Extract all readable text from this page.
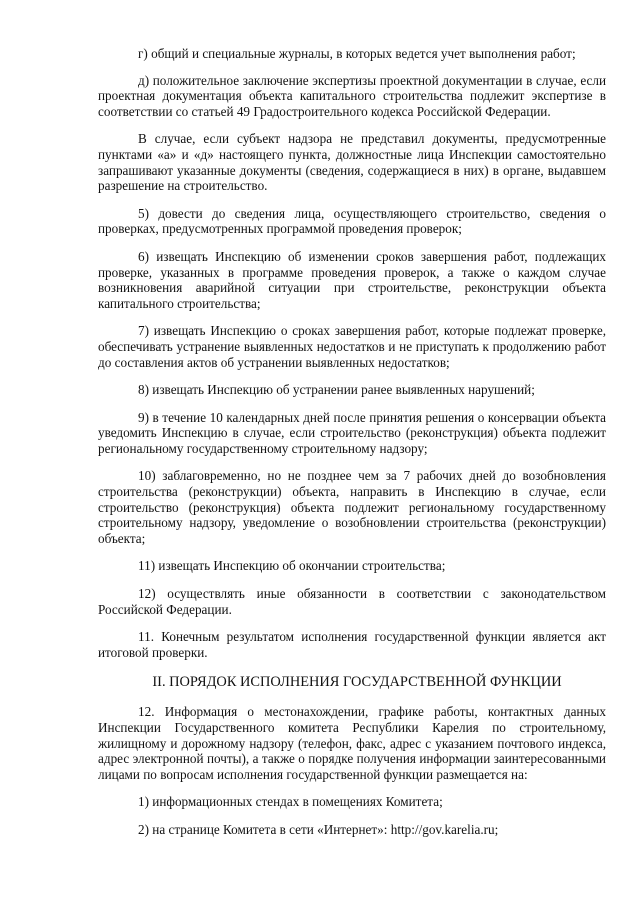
г) общий и специальные журналы, в которых ведется учет выполнения работ;

д) положительное заключение экспертизы проектной документации в случае, если проектная документация объекта капитального строительства подлежит экспертизе в соответствии со статьей 49 Градостроительного кодекса Российской Федерации.

В случае, если субъект надзора не представил документы, предусмотренные пунктами «а» и «д» настоящего пункта, должностные лица Инспекции самостоятельно запрашивают указанные документы (сведения, содержащиеся в них) в органе, выдавшем разрешение на строительство.

5) довести до сведения лица, осуществляющего строительство, сведения о проверках, предусмотренных программой проведения проверок;

6) извещать Инспекцию об изменении сроков завершения работ, подлежащих проверке, указанных в программе проведения проверок, а также о каждом случае возникновения аварийной ситуации при строительстве, реконструкции объекта капитального строительства;

7) извещать Инспекцию о сроках завершения работ, которые подлежат проверке, обеспечивать устранение выявленных недостатков и не приступать к продолжению работ до составления актов об устранении выявленных недостатков;

8) извещать Инспекцию об устранении ранее выявленных нарушений;

9) в течение 10 календарных дней после принятия решения о консервации объекта уведомить Инспекцию в случае, если строительство (реконструкция) объекта подлежит региональному государственному строительному надзору;

10) заблаговременно, но не позднее чем за 7 рабочих дней до возобновления строительства (реконструкции) объекта, направить в Инспекцию в случае, если строительство (реконструкция) объекта подлежит региональному государственному строительному надзору, уведомление о возобновлении строительства (реконструкции) объекта;

11) извещать Инспекцию об окончании строительства;

12) осуществлять иные обязанности в соответствии с законодательством Российской Федерации.

11. Конечным результатом исполнения государственной функции является акт итоговой проверки.

II. ПОРЯДОК ИСПОЛНЕНИЯ ГОСУДАРСТВЕННОЙ ФУНКЦИИ

12. Информация о местонахождении, графике работы, контактных данных Инспекции Государственного комитета Республики Карелия по строительному, жилищному и дорожному надзору (телефон, факс, адрес с указанием почтового индекса, адрес электронной почты), а также о порядке получения информации заинтересованными лицами по вопросам исполнения государственной функции размещается на:

1) информационных стендах в помещениях Комитета;

2) на странице Комитета в сети «Интернет»: http://gov.karelia.ru;
